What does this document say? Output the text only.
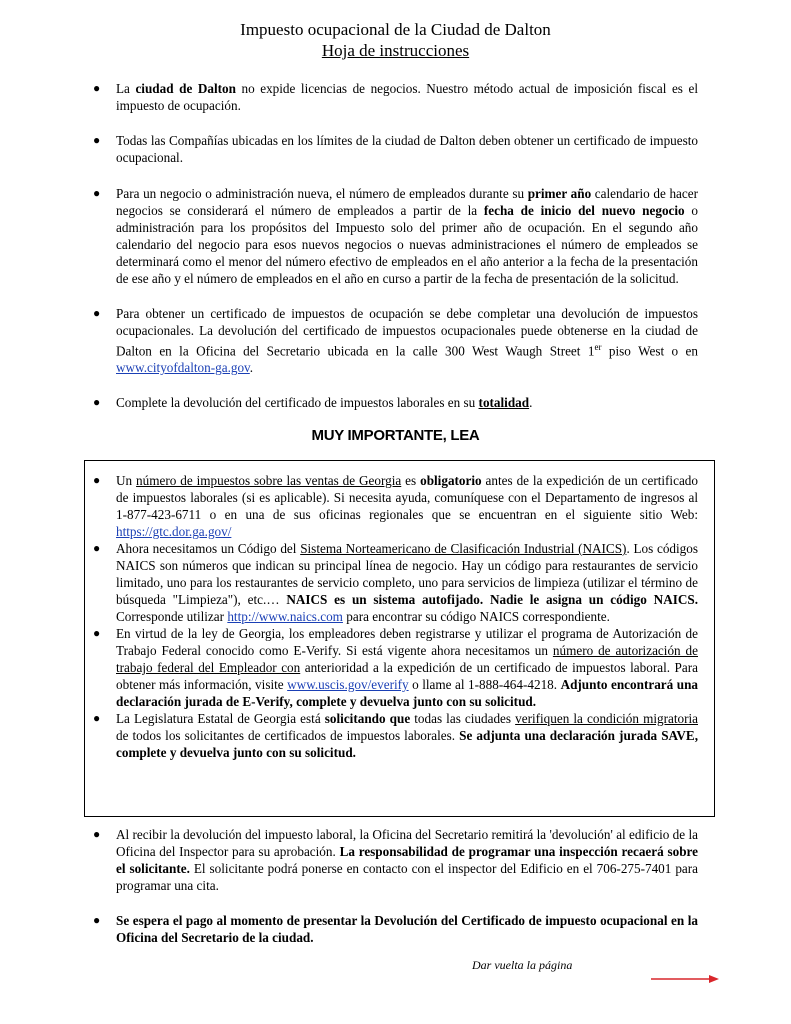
Impuesto ocupacional de la Ciudad de Dalton
Hoja de instrucciones
● La ciudad de Dalton no expide licencias de negocios. Nuestro método actual de imposición fiscal es el impuesto de ocupación.
● Todas las Compañías ubicadas en los límites de la ciudad de Dalton deben obtener un certificado de impuesto ocupacional.
● Para un negocio o administración nueva, el número de empleados durante su primer año calendario de hacer negocios se considerará el número de empleados a partir de la fecha de inicio del nuevo negocio o administración para los propósitos del Impuesto solo del primer año de ocupación. En el segundo año calendario del negocio para esos nuevos negocios o nuevas administraciones el número de empleados se determinará como el menor del número efectivo de empleados en el año anterior a la fecha de la presentación de ese año y el número de empleados en el año en curso a partir de la fecha de presentación de la solicitud.
● Para obtener un certificado de impuestos de ocupación se debe completar una devolución de impuestos ocupacionales. La devolución del certificado de impuestos ocupacionales puede obtenerse en la ciudad de Dalton en la Oficina del Secretario ubicada en la calle 300 West Waugh Street 1er piso West o en www.cityofdalton-ga.gov.
● Complete la devolución del certificado de impuestos laborales en su totalidad.
MUY IMPORTANTE, LEA
● Un número de impuestos sobre las ventas de Georgia es obligatorio antes de la expedición de un certificado de impuestos laborales (si es aplicable). Si necesita ayuda, comuníquese con el Departamento de ingresos al 1-877-423-6711 o en una de sus oficinas regionales que se encuentran en el siguiente sitio Web: https://gtc.dor.ga.gov/
● Ahora necesitamos un Código del Sistema Norteamericano de Clasificación Industrial (NAICS). Los códigos NAICS son números que indican su principal línea de negocio. Hay un código para restaurantes de servicio limitado, uno para los restaurantes de servicio completo, uno para servicios de limpieza (utilizar el término de búsqueda "Limpieza"), etc.… NAICS es un sistema autofijado. Nadie le asigna un código NAICS. Corresponde utilizar http://www.naics.com para encontrar su código NAICS correspondiente.
● En virtud de la ley de Georgia, los empleadores deben registrarse y utilizar el programa de Autorización de Trabajo Federal conocido como E-Verify. Si está vigente ahora necesitamos un número de autorización de trabajo federal del Empleador con anterioridad a la expedición de un certificado de impuestos laboral. Para obtener más información, visite www.uscis.gov/everify o llame al 1-888-464-4218. Adjunto encontrará una declaración jurada de E-Verify, complete y devuelva junto con su solicitud.
● La Legislatura Estatal de Georgia está solicitando que todas las ciudades verifiquen la condición migratoria de todos los solicitantes de certificados de impuestos laborales. Se adjunta una declaración jurada SAVE, complete y devuelva junto con su solicitud.
● Al recibir la devolución del impuesto laboral, la Oficina del Secretario remitirá la 'devolución' al edificio de la Oficina del Inspector para su aprobación. La responsabilidad de programar una inspección recaerá sobre el solicitante. El solicitante podrá ponerse en contacto con el inspector del Edificio en el 706-275-7401 para programar una cita.
● Se espera el pago al momento de presentar la Devolución del Certificado de impuesto ocupacional en la Oficina del Secretario de la ciudad.
Dar vuelta la página
